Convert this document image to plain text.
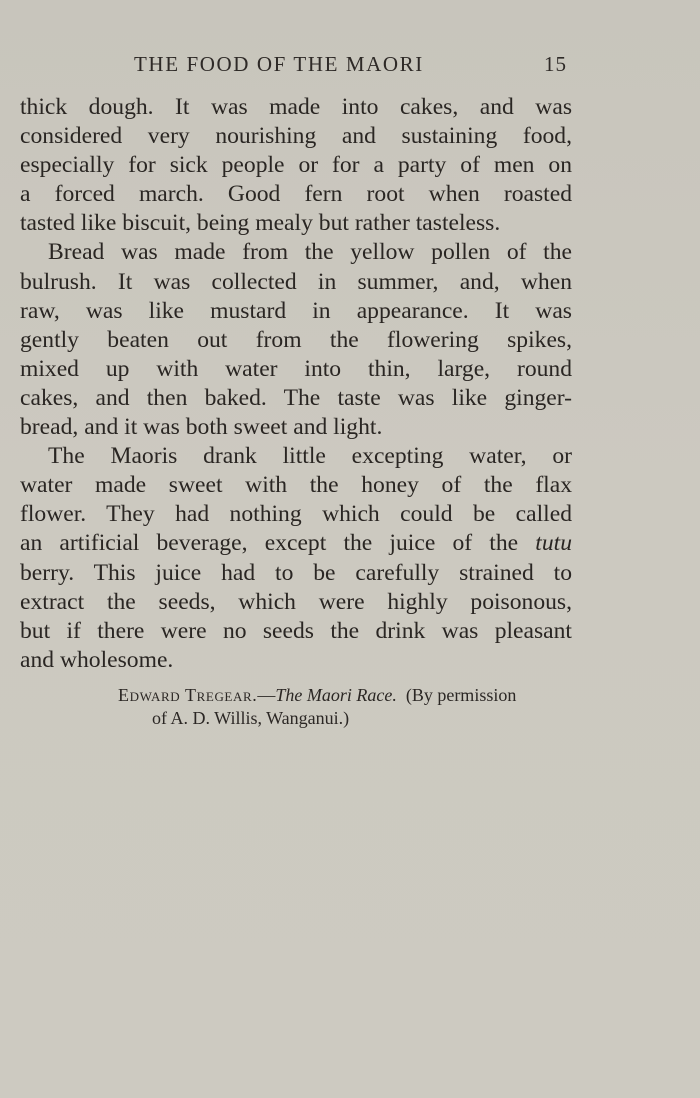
THE FOOD OF THE MAORI	15

thick dough. It was made into cakes, and was
considered very nourishing and sustaining food,
especially for sick people or for a party of men on
a forced march. Good fern root when roasted
tasted like biscuit, being mealy but rather tasteless.

Bread was made from the yellow pollen of the
bulrush. It was collected in summer, and, when
raw, was like mustard in appearance. It was
gently beaten out from the flowering spikes,
mixed up with water into thin, large, round
cakes, and then baked. The taste was like ginger-
bread, and it was both sweet and light.

The Maoris drank little excepting water, or
water made sweet with the honey of the flax
flower. They had nothing which could be called
an artificial beverage, except the juice of the tutu
berry. This juice had to be carefully strained to
extract the seeds, which were highly poisonous,
but if there were no seeds the drink was pleasant
and wholesome.

Edward Tregear.—The Maori Race.  (By permission
of A. D. Willis, Wanganui.)
